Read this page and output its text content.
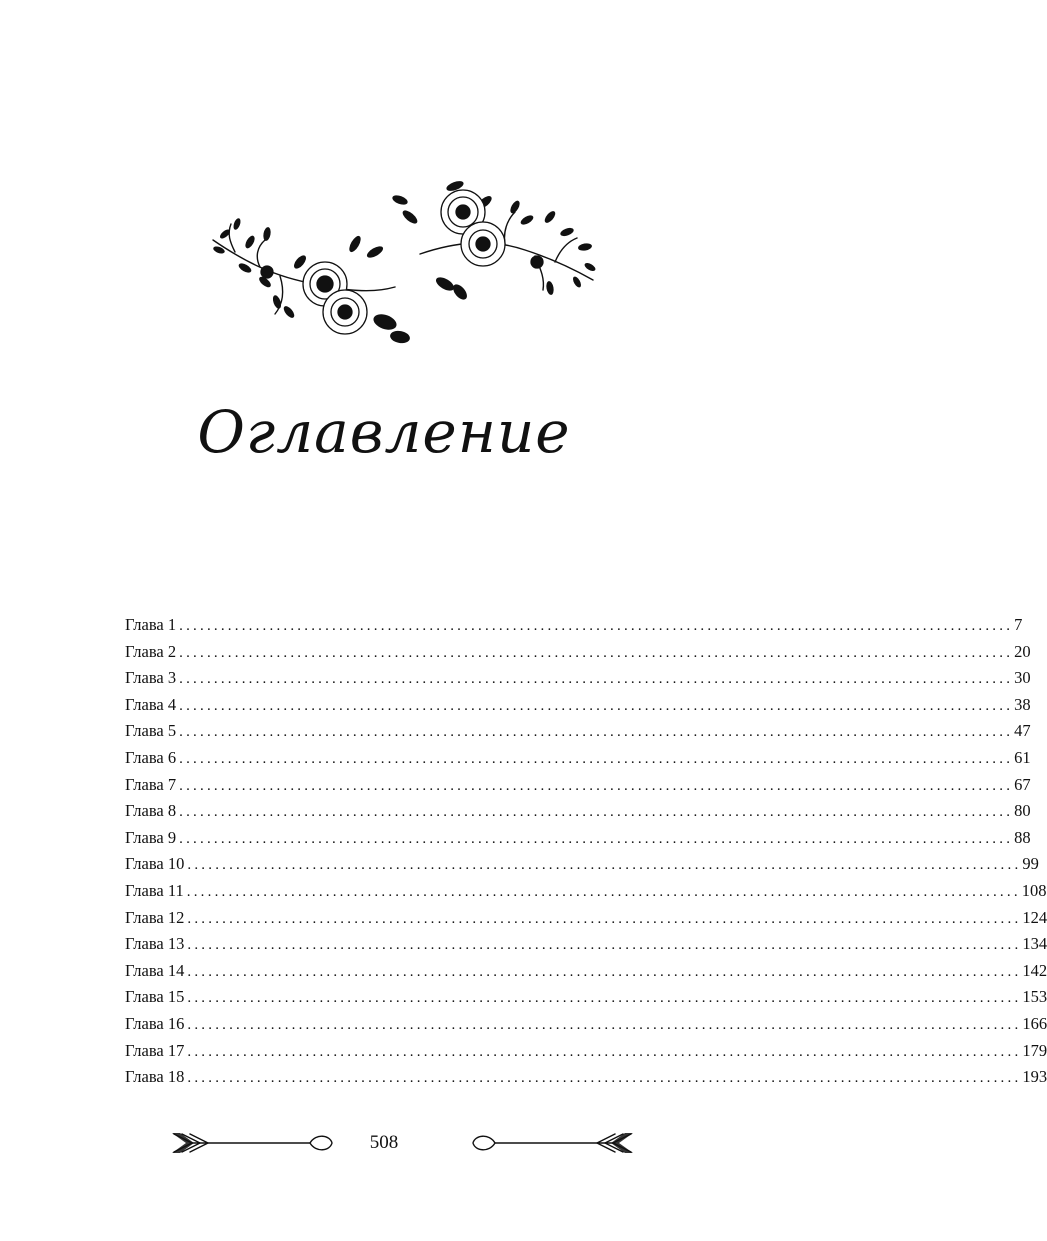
Оглавление
Глава 1 ........................................................................................................................ 7
Глава 2 ........................................................................................................................ 20
Глава 3 ........................................................................................................................ 30
Глава 4 ........................................................................................................................ 38
Глава 5 ........................................................................................................................ 47
Глава 6 ........................................................................................................................ 61
Глава 7 ........................................................................................................................ 67
Глава 8 ........................................................................................................................ 80
Глава 9 ........................................................................................................................ 88
Глава 10 ........................................................................................................................ 99
Глава 11 ........................................................................................................................ 108
Глава 12 ........................................................................................................................ 124
Глава 13 ........................................................................................................................ 134
Глава 14 ........................................................................................................................ 142
Глава 15 ........................................................................................................................ 153
Глава 16 ........................................................................................................................ 166
Глава 17 ........................................................................................................................ 179
Глава 18 ........................................................................................................................ 193
508
